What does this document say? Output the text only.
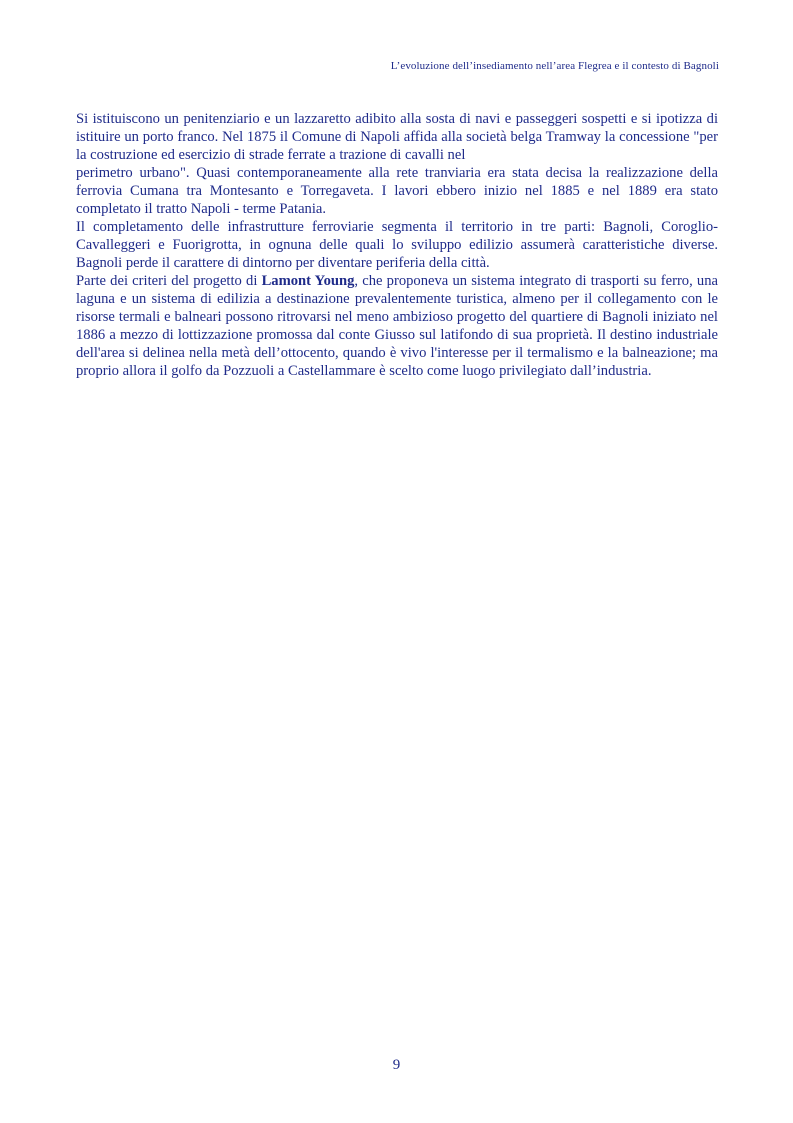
L’evoluzione dell’insediamento nell’area Flegrea e il contesto di Bagnoli

Si istituiscono un penitenziario e un lazzaretto adibito alla sosta di navi e passeggeri sospetti e si ipotizza di istituire un porto franco. Nel 1875 il Comune di Napoli affida alla società belga Tramway la concessione "per la costruzione ed esercizio di strade ferrate a trazione di cavalli nel

perimetro urbano". Quasi contemporaneamente alla rete tranviaria era stata decisa la realizzazione della ferrovia Cumana tra Montesanto e Torregaveta. I lavori ebbero inizio nel 1885 e nel 1889 era stato completato il tratto Napoli - terme Patania.

Il completamento delle infrastrutture ferroviarie segmenta il territorio in tre parti: Bagnoli, Coroglio-Cavalleggeri e Fuorigrotta, in ognuna delle quali lo sviluppo edilizio assumerà caratteristiche diverse. Bagnoli perde il carattere di dintorno per diventare periferia della città.

Parte dei criteri del progetto di Lamont Young, che proponeva un sistema integrato di trasporti su ferro, una laguna e un sistema di edilizia a destinazione prevalentemente turistica, almeno per il collegamento con le risorse termali e balneari possono ritrovarsi nel meno ambizioso progetto del quartiere di Bagnoli iniziato nel 1886 a mezzo di lottizzazione promossa dal conte Giusso sul latifondo di sua proprietà. Il destino industriale dell'area si delinea nella metà dell’ottocento, quando è vivo l'interesse per il termalismo e la balneazione; ma proprio allora il golfo da Pozzuoli a Castellammare è scelto come luogo privilegiato dall’industria.

9
